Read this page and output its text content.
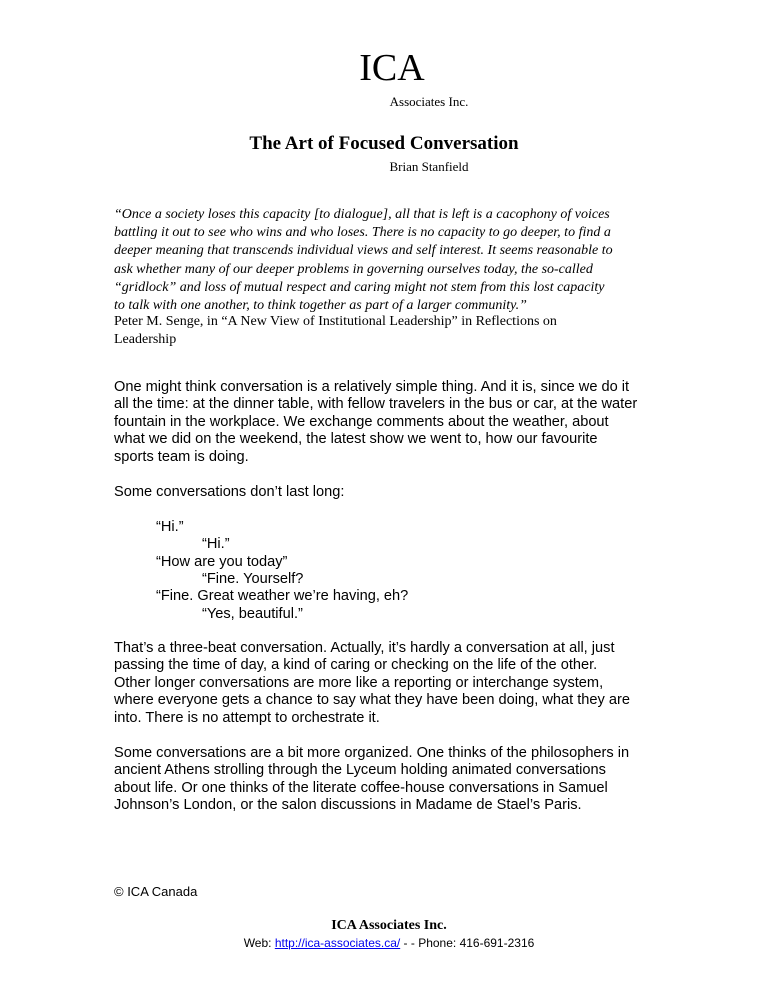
ICA
Associates Inc.
The Art of Focused Conversation
Brian Stanfield
“Once a society loses this capacity [to dialogue], all that is left is a cacophony of voices
battling it out to see who wins and who loses. There is no capacity to go deeper, to find a
deeper meaning that transcends individual views and self interest. It seems reasonable to
ask whether many of our deeper problems in governing ourselves today, the so-called
“gridlock” and loss of mutual respect and caring might not stem from this lost capacity
to talk with one another, to think together as part of a larger community.”
Peter M. Senge, in “A New View of Institutional Leadership” in Reflections on
Leadership
One might think conversation is a relatively simple thing. And it is, since we do it
all the time: at the dinner table, with fellow travelers in the bus or car, at the water
fountain in the workplace. We exchange comments about the weather, about
what we did on the weekend, the latest show we went to, how our favourite
sports team is doing.
Some conversations don’t last long:
“Hi.”
“Hi.”
“How are you today”
“Fine. Yourself?
“Fine. Great weather we’re having, eh?
“Yes, beautiful.”
That’s a three-beat conversation. Actually, it’s hardly a conversation at all, just
passing the time of day, a kind of caring or checking on the life of the other.
Other longer conversations are more like a reporting or interchange system,
where everyone gets a chance to say what they have been doing, what they are
into. There is no attempt to orchestrate it.
Some conversations are a bit more organized. One thinks of the philosophers in
ancient Athens strolling through the Lyceum holding animated conversations
about life. Or one thinks of the literate coffee-house conversations in Samuel
Johnson’s London, or the salon discussions in Madame de Stael’s Paris.
© ICA Canada
ICA Associates Inc.
Web: http://ica-associates.ca/ - - Phone: 416-691-2316
